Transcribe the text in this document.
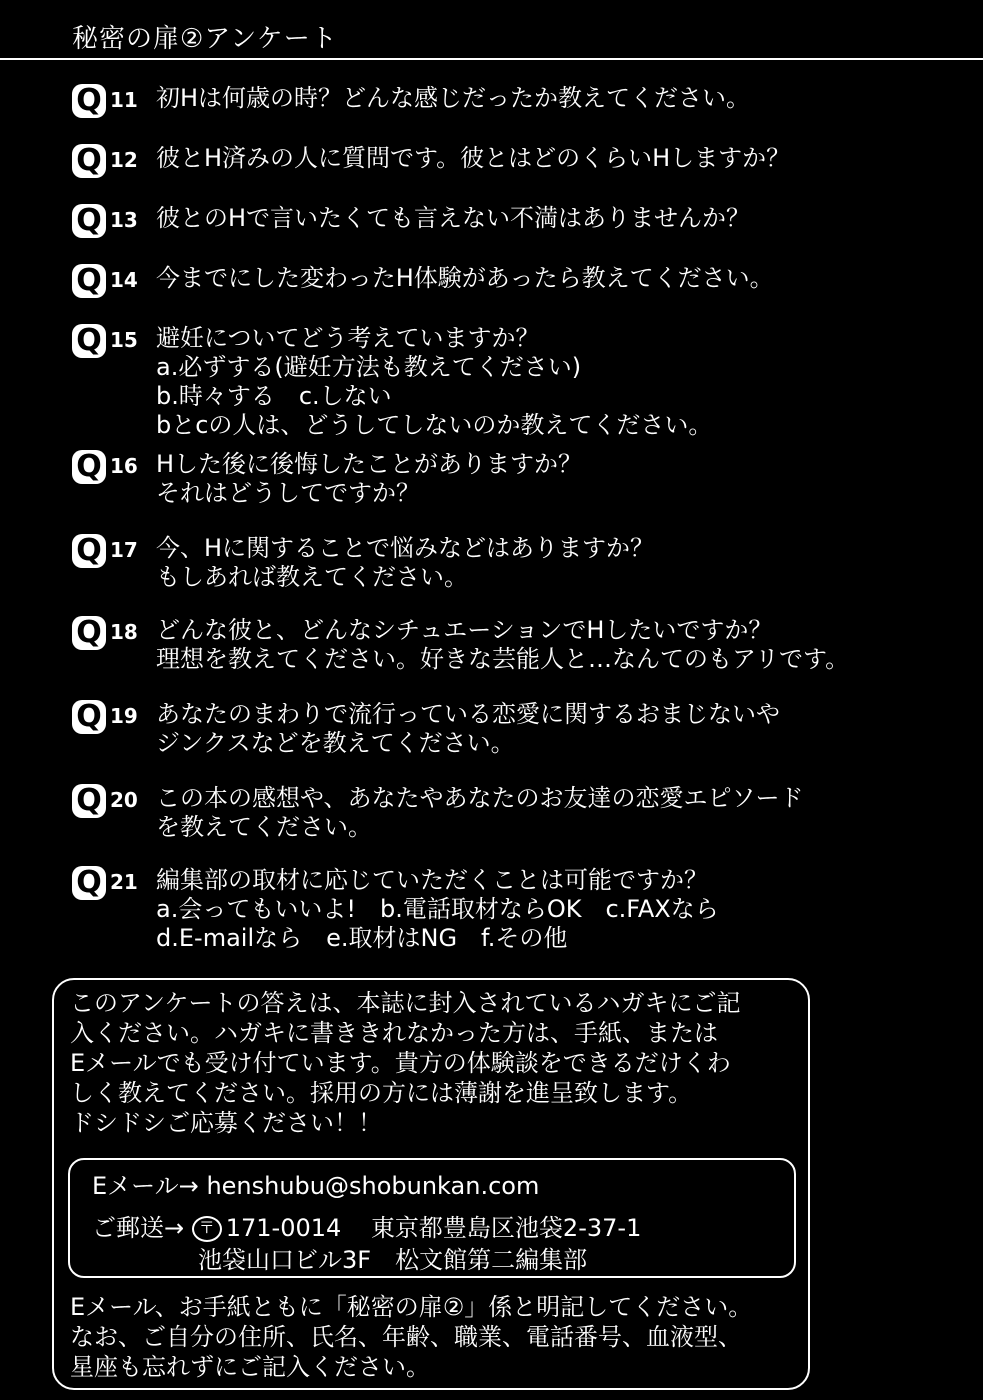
秘密の扉②アンケート
Q 11 初Hは何歳の時？どんな感じだったか教えてください。
Q 12 彼とH済みの人に質問です。彼とはどのくらいHしますか？
Q 13 彼とのHで言いたくても言えない不満はありませんか？
Q 14 今までにした変わったH体験があったら教えてください。
Q 15 避妊についてどう考えていますか？
a.必ずする(避妊方法も教えてください)
b.時々する　c.しない
bとcの人は、どうしてしないのか教えてください。
Q 16 Hした後に後悔したことがありますか？
それはどうしてですか？
Q 17 今、Hに関することで悩みなどはありますか？
もしあれば教えてください。
Q 18 どんな彼と、どんなシチュエーションでHしたいですか？
理想を教えてください。好きな芸能人と…なんてのもアリです。
Q 19 あなたのまわりで流行っている恋愛に関するおまじないや
ジンクスなどを教えてください。
Q 20 この本の感想や、あなたやあなたのお友達の恋愛エピソード
を教えてください。
Q 21 編集部の取材に応じていただくことは可能ですか？
a.会ってもいいよ!　b.電話取材ならOK　c.FAXなら
d.E-mailなら　e.取材はNG　f.その他
このアンケートの答えは、本誌に封入されているハガキにご記
入ください。ハガキに書ききれなかった方は、手紙、または
Eメールでも受け付ています。貴方の体験談をできるだけくわ
しく教えてください。採用の方には薄謝を進呈致します。
ドシドシご応募ください！！
Eメール→ henshubu@shobunkan.com
ご郵送→ 〒 171-0014 東京都豊島区池袋2-37-1
池袋山口ビル3F　松文館第二編集部
Eメール、お手紙ともに「秘密の扉②」係と明記してください。
なお、ご自分の住所、氏名、年齢、職業、電話番号、血液型、
星座も忘れずにご記入ください。
